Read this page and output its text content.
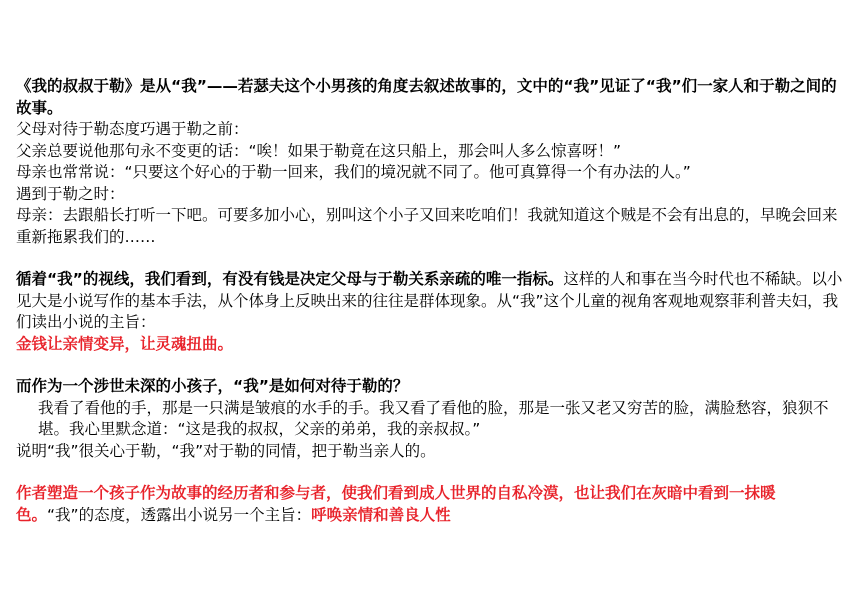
《我的叔叔于勒》是从“我”——若瑟夫这个小男孩的角度去叙述故事的，文中的“我”见证了“我”们一家人和于勒之间的故事。

父母对待于勒态度巧遇于勒之前：

父亲总要说他那句永不变更的话：“唉！如果于勒竟在这只船上，那会叫人多么惊喜呀！”

母亲也常常说：“只要这个好心的于勒一回来，我们的境况就不同了。他可真算得一个有办法的人。”

遇到于勒之时：

母亲：去跟船长打听一下吧。可要多加小心，别叫这个小子又回来吃咱们！我就知道这个贼是不会有出息的，早晚会回来重新拖累我们的……

循着“我”的视线，我们看到，有没有钱是决定父母与于勒关系亲疏的唯一指标。这样的人和事在当今时代也不稀缺。以小见大是小说写作的基本手法，从个体身上反映出来的往往是群体现象。从“我”这个儿童的视角客观地观察菲利普夫妇，我们读出小说的主旨：

金钱让亲情变异，让灵魂扭曲。

而作为一个涉世未深的小孩子，“我”是如何对待于勒的？

我看了看他的手，那是一只满是皱痕的水手的手。我又看了看他的脸，那是一张又老又穷苦的脸，满脸愁容，狼狈不堪。我心里默念道：“这是我的叔叔，父亲的弟弟，我的亲叔叔。”

说明“我”很关心于勒，“我”对于勒的同情，把于勒当亲人的。

作者塑造一个孩子作为故事的经历者和参与者，使我们看到成人世界的自私冷漠，也让我们在灰暗中看到一抹暖色。“我”的态度，透露出小说另一个主旨：呼唤亲情和善良人性
